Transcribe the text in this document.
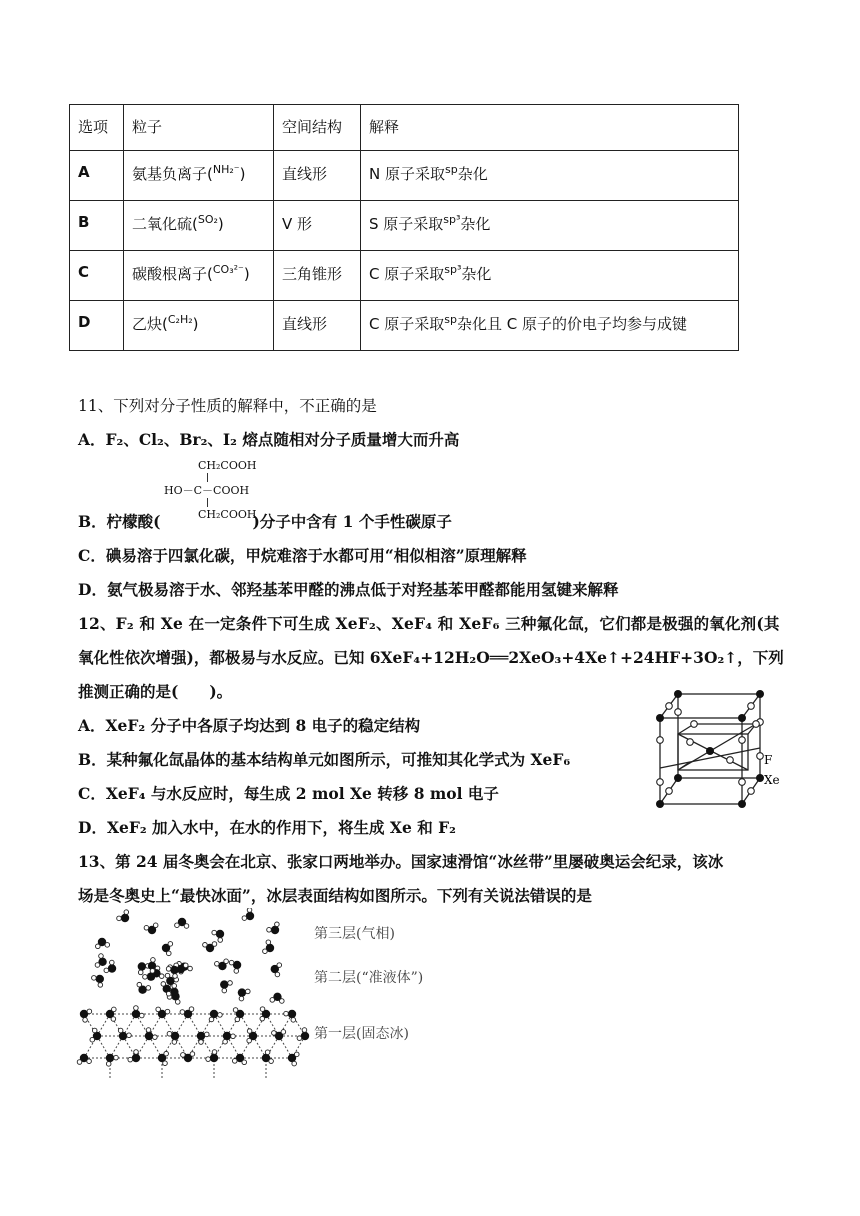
选项	粒子	空间结构	解释
A	氨基负离子($^{NH_2^-}$)	直线形	N 原子采取$^{sp}$杂化
B	二氧化硫($^{SO_2}$)	V 形	S 原子采取$^{sp^3}$杂化
C	碳酸根离子($^{CO_3^{2-}}$)	三角锥形	C 原子采取$^{sp^3}$杂化
D	乙炔($^{C_2H_2}$)	直线形	C 原子采取$^{sp}$杂化且 C 原子的价电子均参与成键
11、下列对分子性质的解释中，不正确的是
A．F₂、Cl₂、Br₂、I₂ 熔点随相对分子质量增大而升高
CH₂COOH
HO－C－COOH
CH₂COOH
B．柠檬酸(	)分子中含有 1 个手性碳原子
C．碘易溶于四氯化碳，甲烷难溶于水都可用“相似相溶”原理解释
D．氨气极易溶于水、邻羟基苯甲醛的沸点低于对羟基苯甲醛都能用氢键来解释
12、F₂ 和 Xe 在一定条件下可生成 XeF₂、XeF₄ 和 XeF₆ 三种氟化氙，它们都是极强的氧化剂(其
氧化性依次增强)，都极易与水反应。已知 6XeF₄+12H₂O══2XeO₃+4Xe↑+24HF+3O₂↑，下列
推测正确的是(　　)。
A．XeF₂ 分子中各原子均达到 8 电子的稳定结构
B．某种氟化氙晶体的基本结构单元如图所示，可推知其化学式为 XeF₆
C．XeF₄ 与水反应时，每生成 2 mol Xe 转移 8 mol 电子
D．XeF₂ 加入水中，在水的作用下，将生成 Xe 和 F₂
F
Xe
13、第 24 届冬奥会在北京、张家口两地举办。国家速滑馆“冰丝带”里屡破奥运会纪录，该冰
场是冬奥史上“最快冰面”，冰层表面结构如图所示。下列有关说法错误的是
第三层(气相)
第二层(“准液体”)
第一层(固态冰)
